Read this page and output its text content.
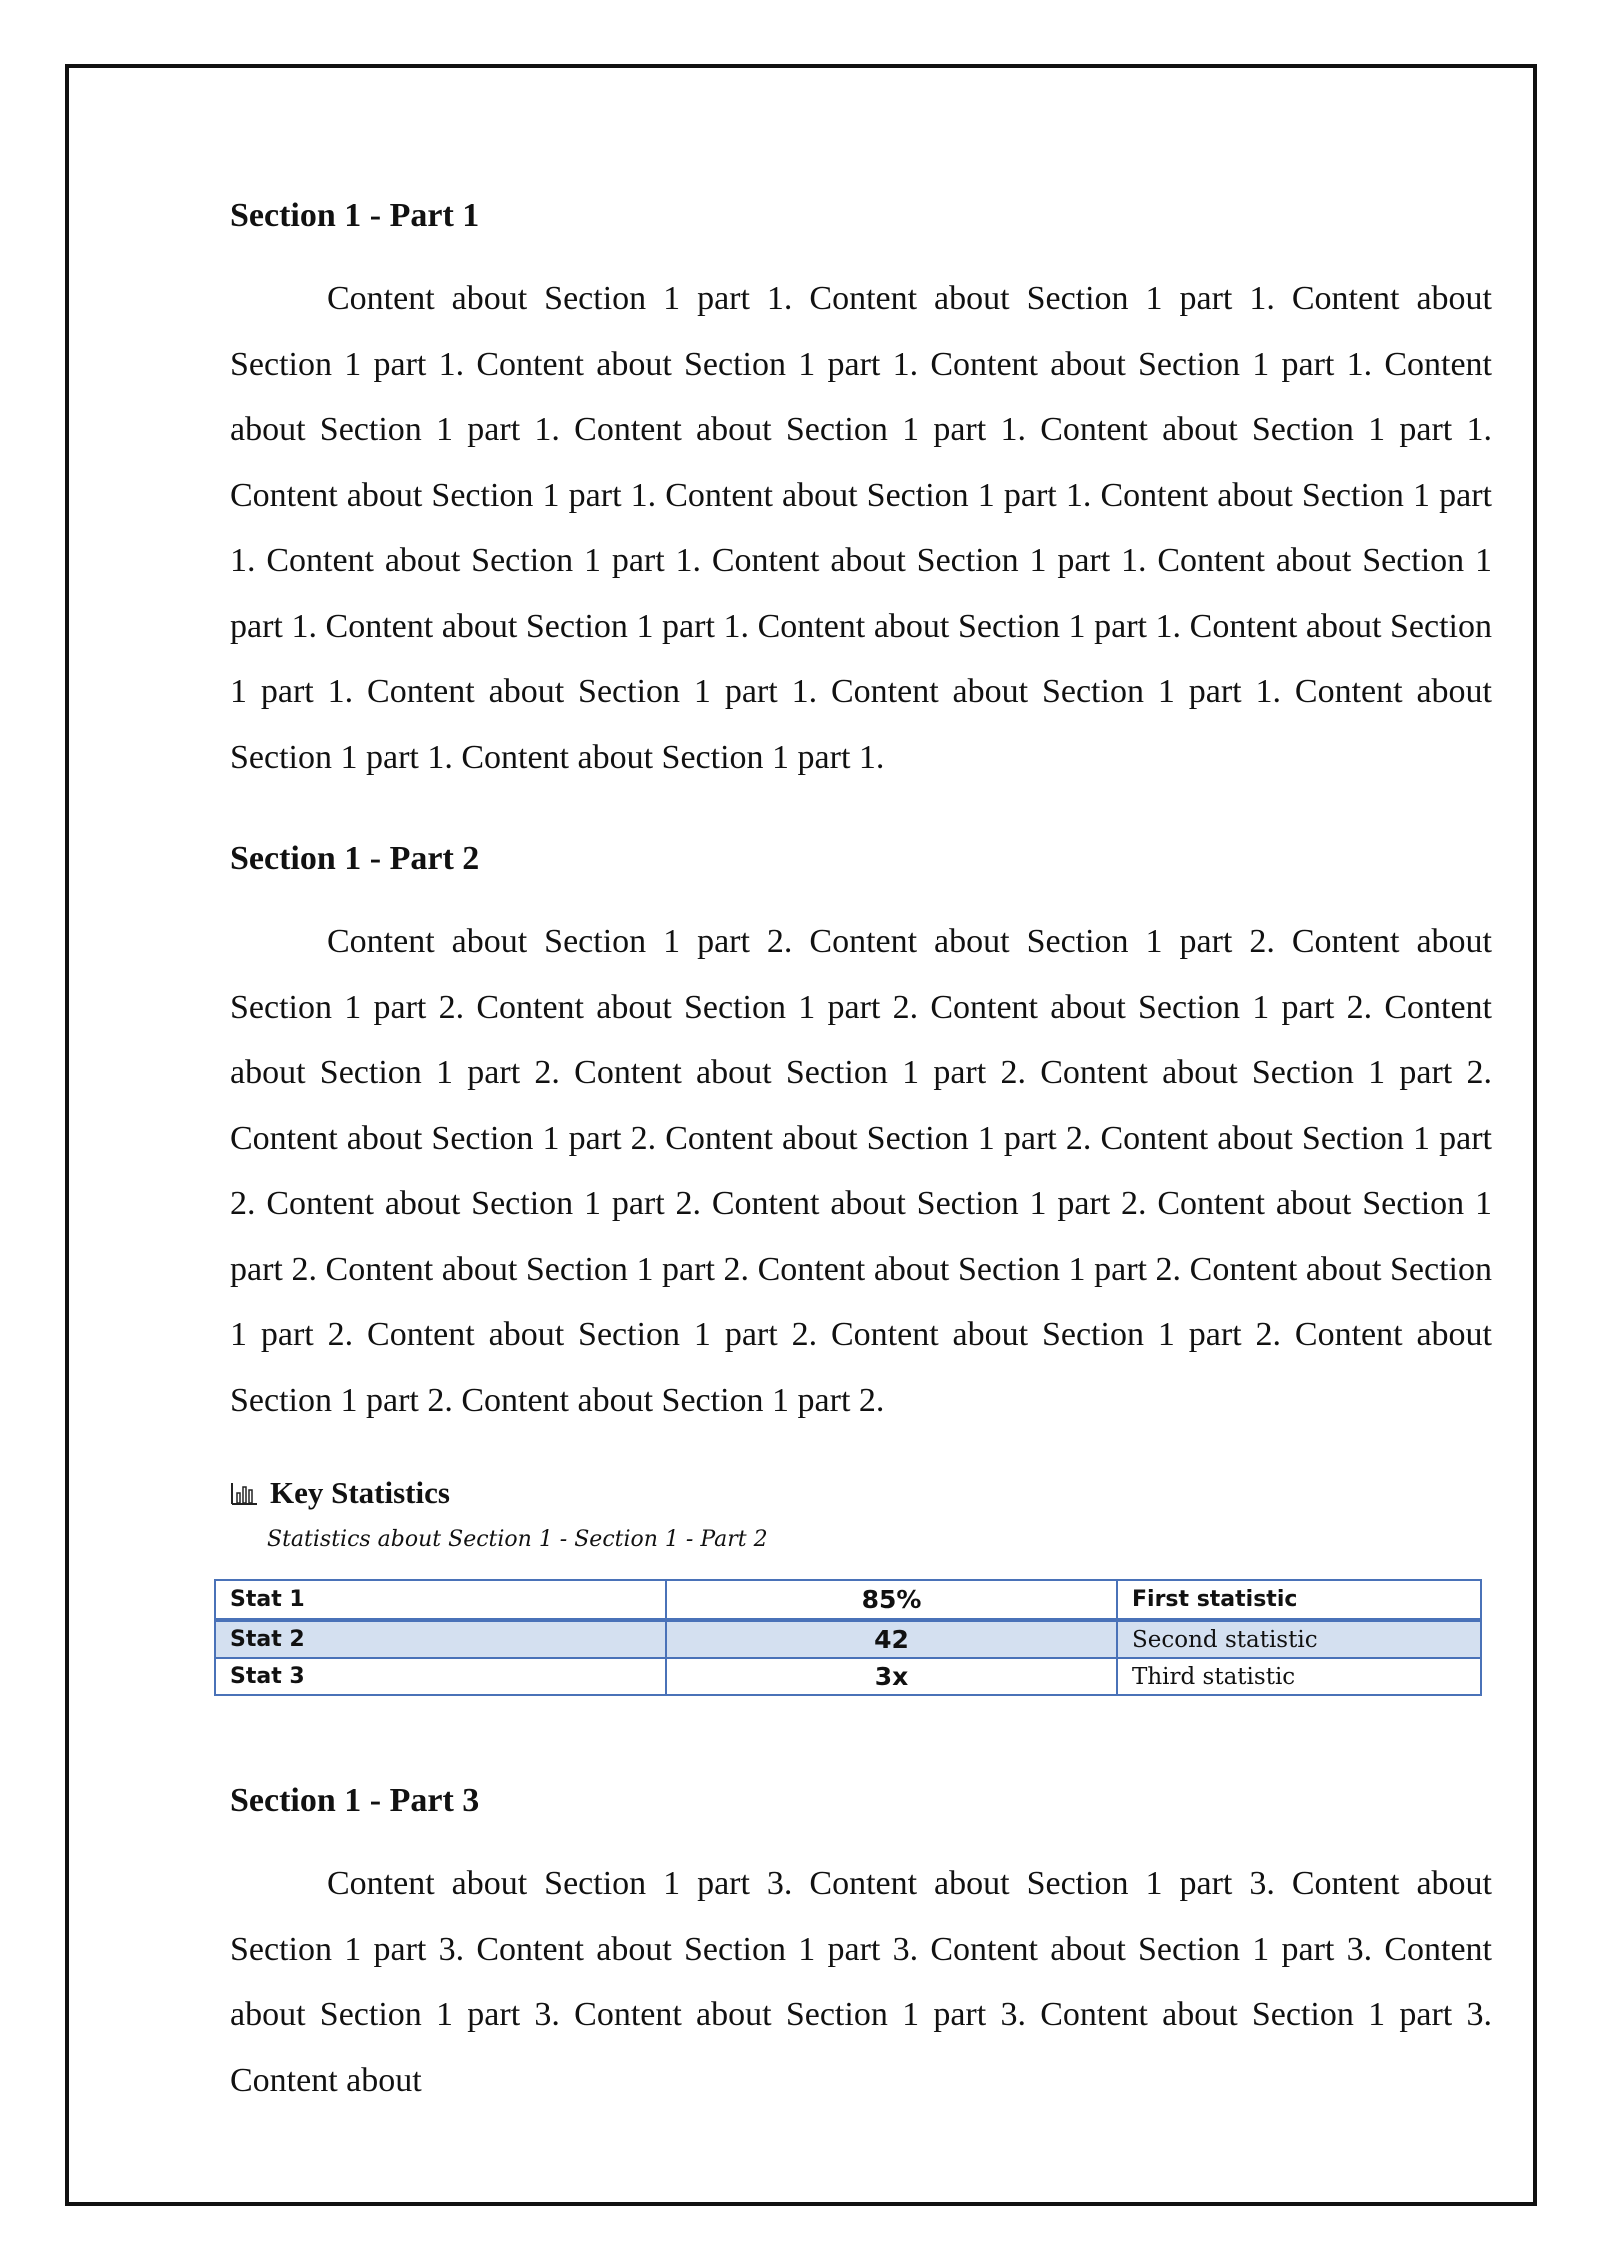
Section 1 - Part 1

Content about Section 1 part 1. Content about Section 1 part 1. Content about Section 1 part 1. Content about Section 1 part 1. Content about Section 1 part 1. Content about Section 1 part 1. Content about Section 1 part 1. Content about Section 1 part 1. Content about Section 1 part 1. Content about Section 1 part 1. Content about Section 1 part 1. Content about Section 1 part 1. Content about Section 1 part 1. Content about Section 1 part 1. Content about Section 1 part 1. Content about Section 1 part 1. Content about Section 1 part 1. Content about Section 1 part 1. Content about Section 1 part 1. Content about Section 1 part 1. Content about Section 1 part 1.

Section 1 - Part 2

Content about Section 1 part 2. Content about Section 1 part 2. Content about Section 1 part 2. Content about Section 1 part 2. Content about Section 1 part 2. Content about Section 1 part 2. Content about Section 1 part 2. Content about Section 1 part 2. Content about Section 1 part 2. Content about Section 1 part 2. Content about Section 1 part 2. Content about Section 1 part 2. Content about Section 1 part 2. Content about Section 1 part 2. Content about Section 1 part 2. Content about Section 1 part 2. Content about Section 1 part 2. Content about Section 1 part 2. Content about Section 1 part 2. Content about Section 1 part 2. Content about Section 1 part 2.

Key Statistics
Statistics about Section 1 - Section 1 - Part 2
Stat 1	85%	First statistic
Stat 2	42	Second statistic
Stat 3	3x	Third statistic
Section 1 - Part 3

Content about Section 1 part 3. Content about Section 1 part 3. Content about Section 1 part 3. Content about Section 1 part 3. Content about Section 1 part 3. Content about Section 1 part 3. Content about Section 1 part 3. Content about Section 1 part 3. Content about
